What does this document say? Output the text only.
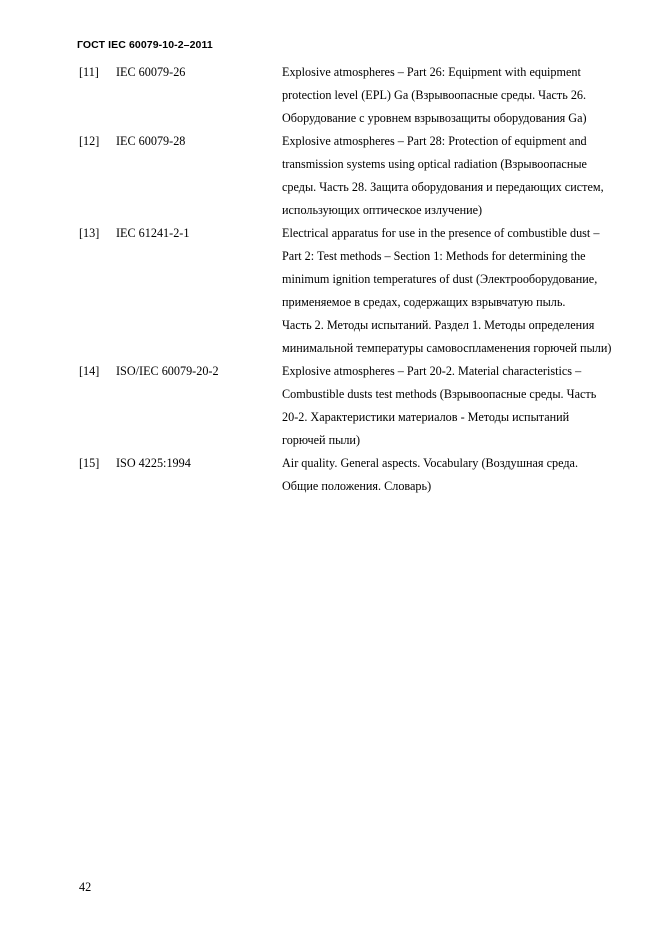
ГОСТ IEC 60079-10-2–2011
[11]	IEC 60079-26	Explosive atmospheres – Part 26: Equipment with equipment
protection level (EPL) Ga (Взрывоопасные среды. Часть 26.
Оборудование с уровнем взрывозащиты оборудования Ga)
[12]	IEC 60079-28	Explosive atmospheres – Part 28: Protection of equipment and
transmission systems using optical radiation (Взрывоопасные
среды. Часть 28. Защита оборудования и передающих систем,
использующих оптическое излучение)
[13]	IEC 61241-2-1	Electrical apparatus for use in the presence of combustible dust –
Part 2: Test methods – Section 1: Methods for determining the
minimum ignition temperatures of dust (Электрооборудование,
применяемое в средах, содержащих взрывчатую пыль.
Часть 2. Методы испытаний. Раздел 1. Методы определения
минимальной температуры самовоспламенения горючей пыли)
[14]	ISO/IEC 60079-20-2	Explosive atmospheres – Part 20-2. Material characteristics –
Combustible dusts test methods (Взрывоопасные среды. Часть
20-2. Характеристики материалов - Методы испытаний
горючей пыли)
[15]	ISO 4225:1994	Air quality. General aspects. Vocabulary (Воздушная среда.
Общие положения. Словарь)
42
